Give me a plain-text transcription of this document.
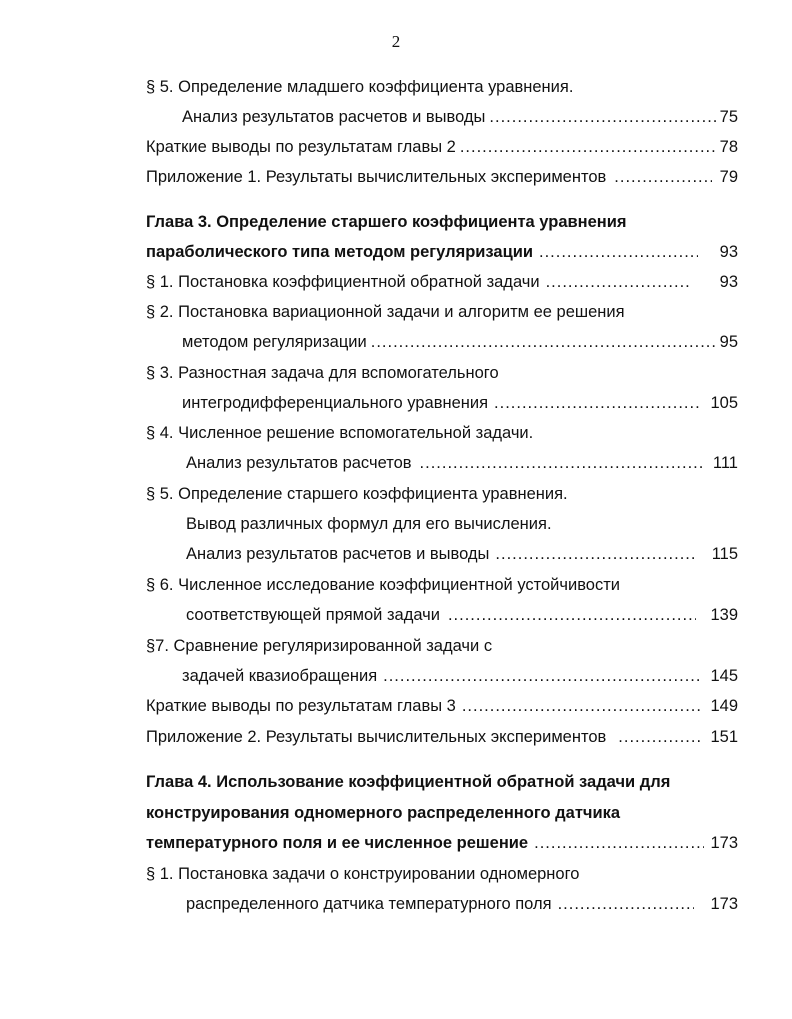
2
§ 5. Определение младшего коэффициента уравнения.
Анализ результатов расчетов и выводы .....	75
Краткие выводы по результатам главы 2 .....	78
Приложение 1. Результаты вычислительных экспериментов .....	79
Глава 3. Определение старшего коэффициента уравнения
параболического типа методом регуляризации .....	93
§ 1. Постановка коэффициентной обратной задачи .....	93
§ 2. Постановка вариационной задачи и алгоритм ее решения
методом регуляризации .....	95
§ 3. Разностная задача для вспомогательного
интегродифференциального уравнения .....	105
§ 4. Численное решение вспомогательной задачи.
Анализ результатов расчетов .....	111
§ 5. Определение старшего коэффициента уравнения.
Вывод различных формул для его вычисления.
Анализ результатов расчетов и выводы .....	115
§ 6. Численное исследование коэффициентной устойчивости
соответствующей прямой задачи .....	139
§7. Сравнение регуляризированной задачи с
задачей квазиобращения .....	145
Краткие выводы по результатам главы 3 .....	149
Приложение 2. Результаты вычислительных экспериментов .....	151
Глава 4. Использование коэффициентной обратной задачи для
конструирования одномерного распределенного датчика
температурного поля и ее численное решение .....	173
§ 1. Постановка задачи о конструировании одномерного
распределенного датчика температурного поля .....	173
